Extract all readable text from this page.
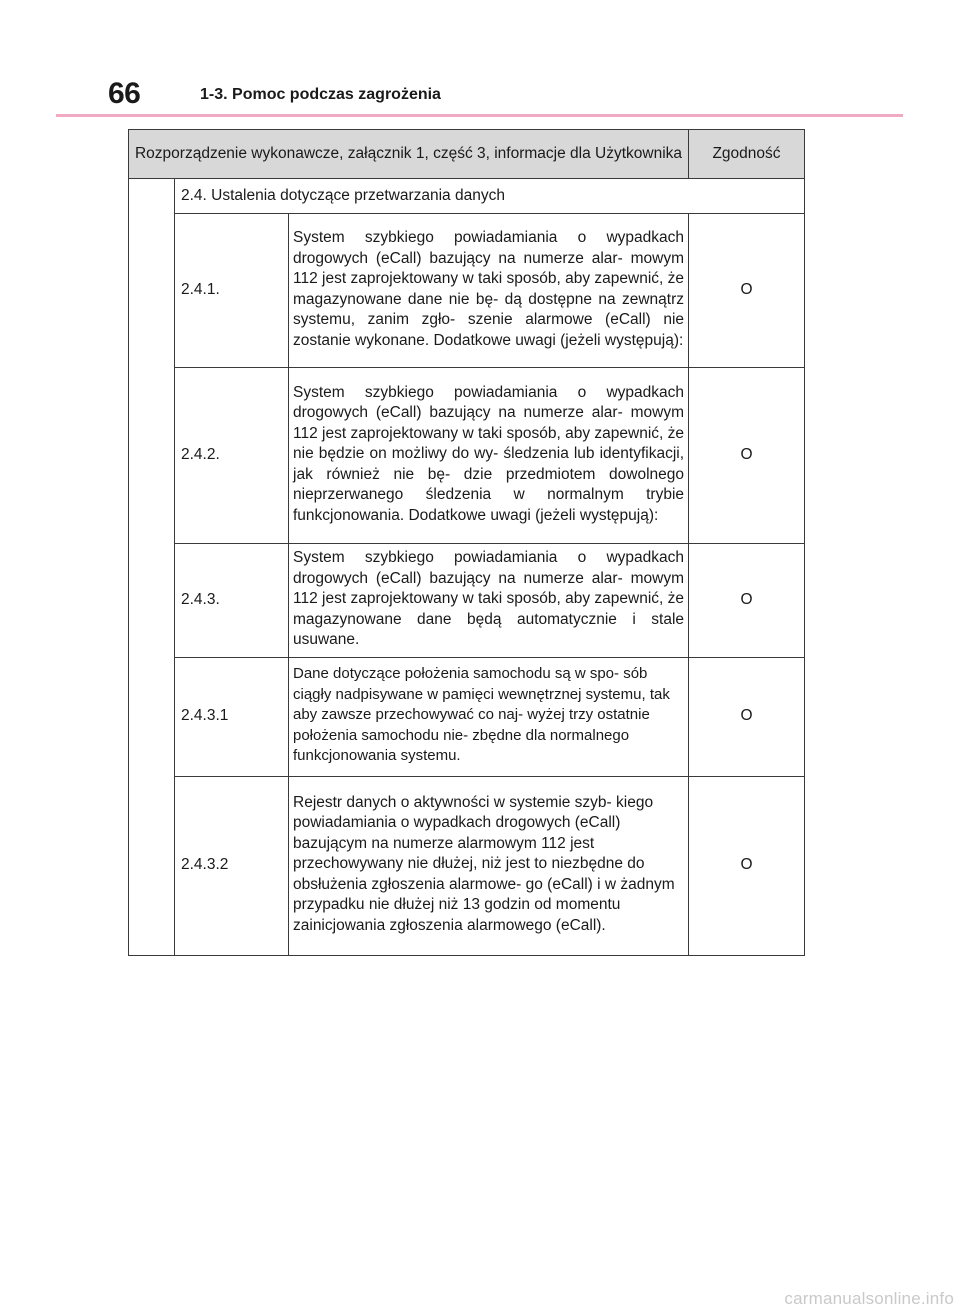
66	1-3. Pomoc podczas zagrożenia
Rozporządzenie wykonawcze, załącznik 1, część 3, informacje dla Użytkownika			Zgodność
	2.4. Ustalenia dotyczące przetwarzania danych		
	2.4.1.	System szybkiego powiadamiania o wypadkach drogowych (eCall) bazujący na numerze alar- mowym 112 jest zaprojektowany w taki sposób, aby zapewnić, że magazynowane dane nie bę- dą dostępne na zewnątrz systemu, zanim zgło- szenie alarmowe (eCall) nie zostanie wykonane. Dodatkowe uwagi (jeżeli występują):	O
	2.4.2.	System szybkiego powiadamiania o wypadkach drogowych (eCall) bazujący na numerze alar- mowym 112 jest zaprojektowany w taki sposób, aby zapewnić, że nie będzie on możliwy do wy- śledzenia lub identyfikacji, jak również nie bę- dzie przedmiotem dowolnego nieprzerwanego śledzenia w normalnym trybie funkcjonowania. Dodatkowe uwagi (jeżeli występują):	O
	2.4.3.	System szybkiego powiadamiania o wypadkach drogowych (eCall) bazujący na numerze alar- mowym 112 jest zaprojektowany w taki sposób, aby zapewnić, że magazynowane dane będą automatycznie i stale usuwane.	O
	2.4.3.1	Dane dotyczące położenia samochodu są w spo- sób ciągły nadpisywane w pamięci wewnętrznej systemu, tak aby zawsze przechowywać co naj- wyżej trzy ostatnie położenia samochodu nie- zbędne dla normalnego funkcjonowania systemu.	O
	2.4.3.2	Rejestr danych o aktywności w systemie szyb- kiego powiadamiania o wypadkach drogowych (eCall) bazującym na numerze alarmowym 112 jest przechowywany nie dłużej, niż jest to niezbędne do obsłużenia zgłoszenia alarmowe- go (eCall) i w żadnym przypadku nie dłużej niż 13 godzin od momentu zainicjowania zgłoszenia alarmowego (eCall).	O
carmanualsonline.info
